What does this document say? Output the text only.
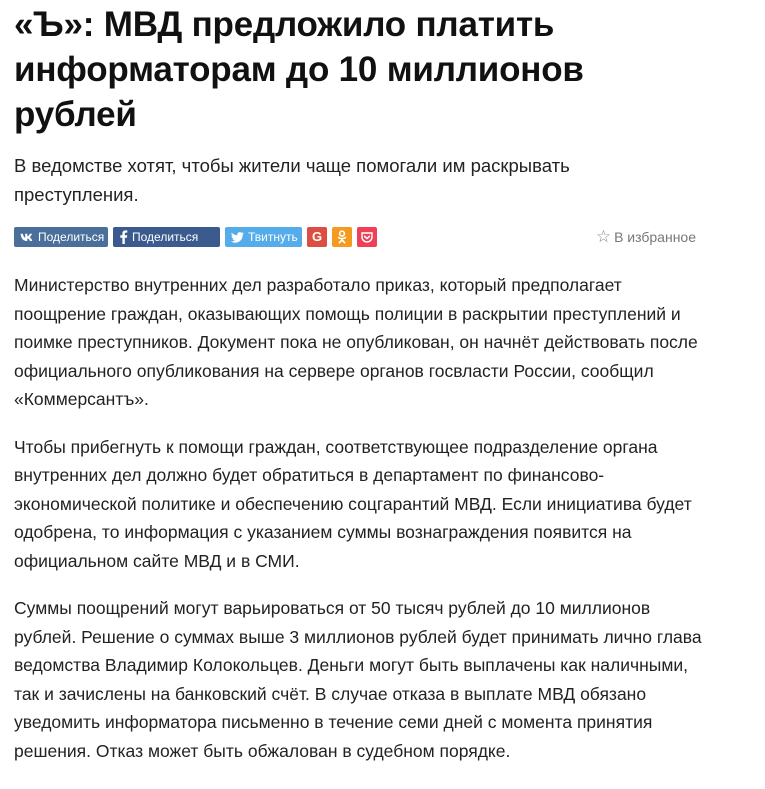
«Ъ»: МВД предложило платить информаторам до 10 миллионов рублей

В ведомстве хотят, чтобы жители чаще помогали им раскрывать преступления.

Поделиться Поделиться	Твитнуть G	☆ В избранное

Министерство внутренних дел разработало приказ, который предполагает поощрение граждан, оказывающих помощь полиции в раскрытии преступлений и поимке преступников. Документ пока не опубликован, он начнёт действовать после официального опубликования на сервере органов госвласти России, сообщил «Коммерсантъ».

Чтобы прибегнуть к помощи граждан, соответствующее подразделение органа внутренних дел должно будет обратиться в департамент по финансово-экономической политике и обеспечению соцгарантий МВД. Если инициатива будет одобрена, то информация с указанием суммы вознаграждения появится на официальном сайте МВД и в СМИ.

Суммы поощрений могут варьироваться от 50 тысяч рублей до 10 миллионов рублей. Решение о суммах выше 3 миллионов рублей будет принимать лично глава ведомства Владимир Колокольцев. Деньги могут быть выплачены как наличными, так и зачислены на банковский счёт. В случае отказа в выплате МВД обязано уведомить информатора письменно в течение семи дней с момента принятия решения. Отказ может быть обжалован в судебном порядке.
